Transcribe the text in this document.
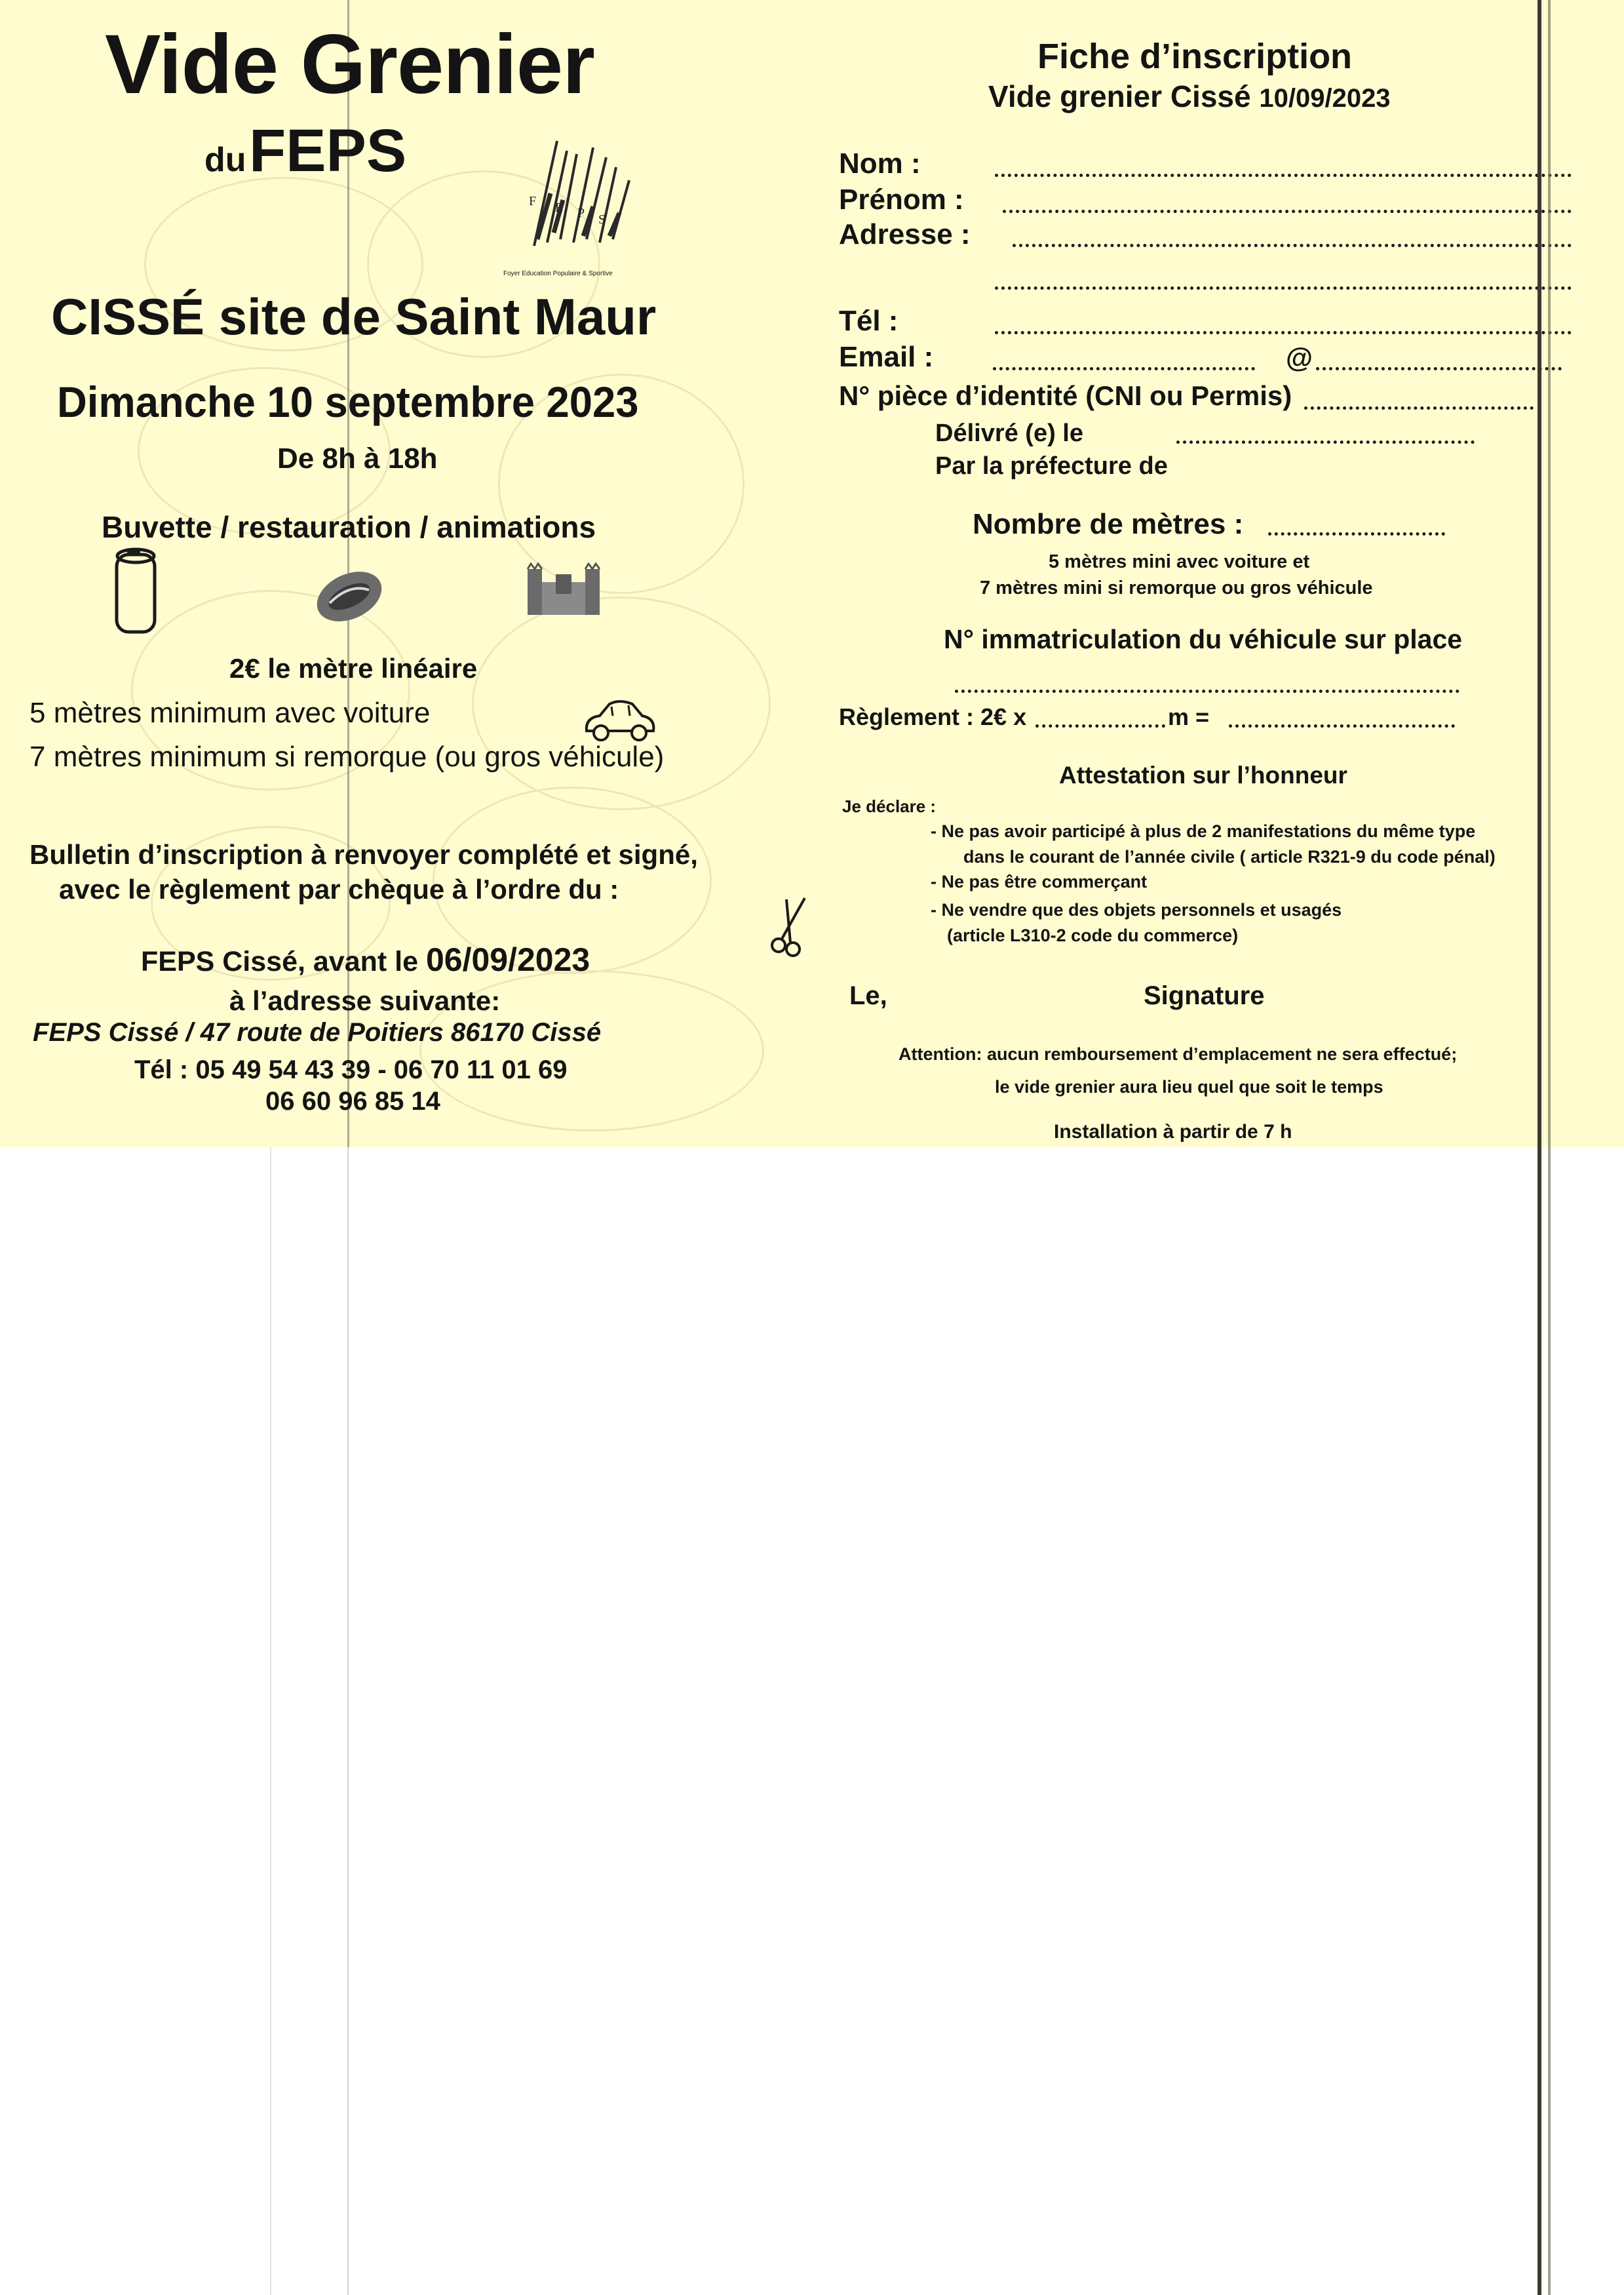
Vide Grenier
du FEPS
F E P S
Foyer Education Populaire & Sportive
CISSÉ site de Saint Maur
Dimanche 10 septembre 2023
De 8h à 18h
Buvette / restauration / animations
2€ le mètre linéaire
5 mètres minimum avec voiture
7 mètres minimum si remorque (ou gros véhicule)
Bulletin d’inscription à renvoyer complété et signé,
avec le règlement par chèque à l’ordre du :
FEPS Cissé, avant le 06/09/2023
à l’adresse suivante:
FEPS Cissé / 47 route de Poitiers 86170 Cissé
Tél : 05 49 54 43 39 - 06 70 11 01 69
06 60 96 85 14
Fiche d’inscription
Vide grenier Cissé 10/09/2023
Nom :
Prénom :
Adresse :
Tél :
Email :	@
N° pièce d’identité (CNI ou Permis)
Délivré (e) le
Par la préfecture de
Nombre de mètres :
5 mètres mini avec voiture et
7 mètres mini si remorque ou gros véhicule
N° immatriculation du véhicule sur place
Règlement : 2€ x	m =
Attestation sur l’honneur
Je déclare :
- Ne pas avoir participé à plus de 2 manifestations du même type
dans le courant de l’année civile ( article R321-9 du code pénal)
- Ne pas être commerçant
- Ne vendre que des objets personnels et usagés
(article L310-2 code du commerce)
Le,	Signature
Attention: aucun remboursement d’emplacement ne sera effectué;
le vide grenier aura lieu quel que soit le temps
Installation à partir de 7 h
